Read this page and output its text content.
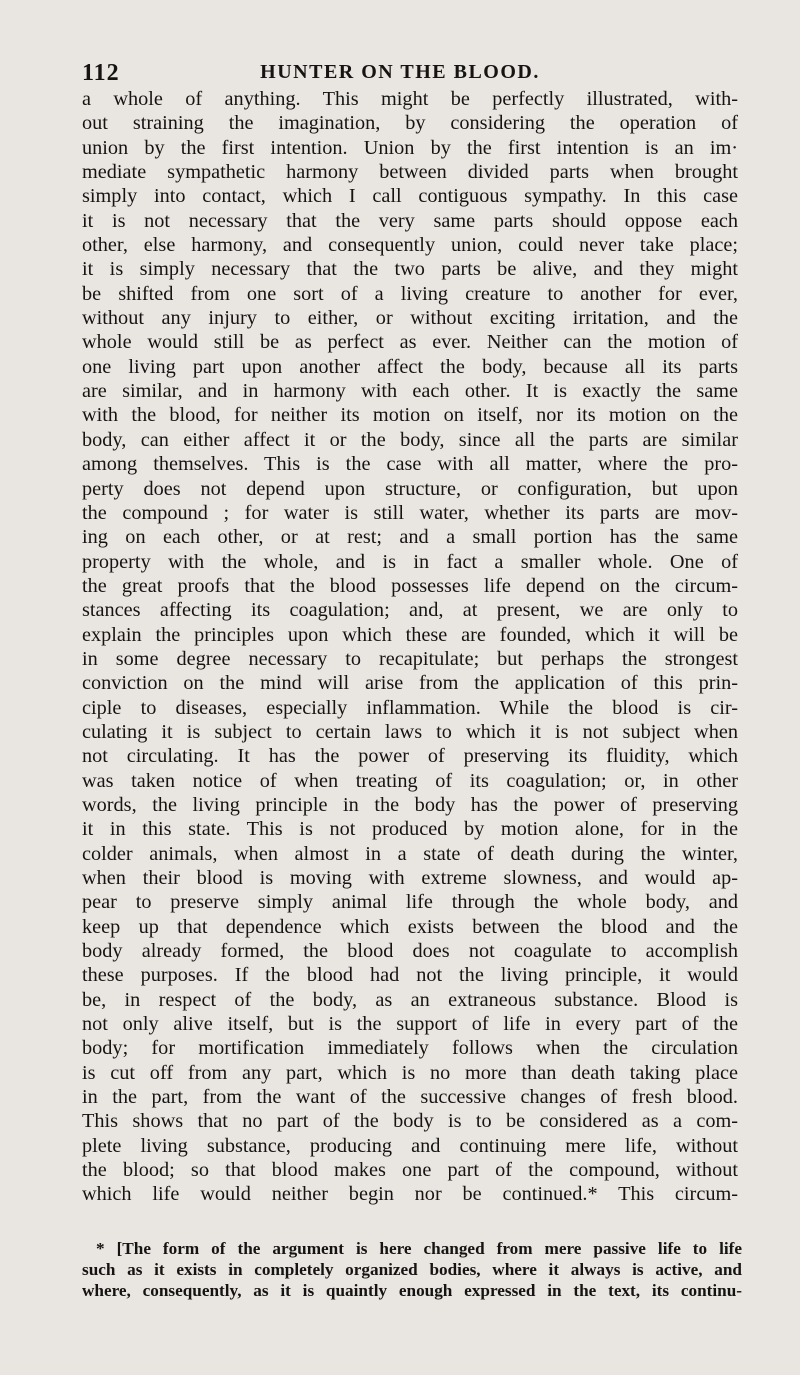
112	HUNTER ON THE BLOOD.
a whole of anything. This might be perfectly illustrated, with-
out straining the imagination, by considering the operation of
union by the first intention. Union by the first intention is an im·
mediate sympathetic harmony between divided parts when brought
simply into contact, which I call contiguous sympathy. In this case
it is not necessary that the very same parts should oppose each
other, else harmony, and consequently union, could never take place;
it is simply necessary that the two parts be alive, and they might
be shifted from one sort of a living creature to another for ever,
without any injury to either, or without exciting irritation, and the
whole would still be as perfect as ever. Neither can the motion of
one living part upon another affect the body, because all its parts
are similar, and in harmony with each other. It is exactly the same
with the blood, for neither its motion on itself, nor its motion on the
body, can either affect it or the body, since all the parts are similar
among themselves. This is the case with all matter, where the pro-
perty does not depend upon structure, or configuration, but upon
the compound ; for water is still water, whether its parts are mov-
ing on each other, or at rest; and a small portion has the same
property with the whole, and is in fact a smaller whole. One of
the great proofs that the blood possesses life depend on the circum-
stances affecting its coagulation; and, at present, we are only to
explain the principles upon which these are founded, which it will be
in some degree necessary to recapitulate; but perhaps the strongest
conviction on the mind will arise from the application of this prin-
ciple to diseases, especially inflammation. While the blood is cir-
culating it is subject to certain laws to which it is not subject when
not circulating. It has the power of preserving its fluidity, which
was taken notice of when treating of its coagulation; or, in other
words, the living principle in the body has the power of preserving
it in this state. This is not produced by motion alone, for in the
colder animals, when almost in a state of death during the winter,
when their blood is moving with extreme slowness, and would ap-
pear to preserve simply animal life through the whole body, and
keep up that dependence which exists between the blood and the
body already formed, the blood does not coagulate to accomplish
these purposes. If the blood had not the living principle, it would
be, in respect of the body, as an extraneous substance. Blood is
not only alive itself, but is the support of life in every part of the
body; for mortification immediately follows when the circulation
is cut off from any part, which is no more than death taking place
in the part, from the want of the successive changes of fresh blood.
This shows that no part of the body is to be considered as a com-
plete living substance, producing and continuing mere life, without
the blood; so that blood makes one part of the compound, without
which life would neither begin nor be continued.* This circum-
* [The form of the argument is here changed from mere passive life to life
such as it exists in completely organized bodies, where it always is active, and
where, consequently, as it is quaintly enough expressed in the text, its continu-
